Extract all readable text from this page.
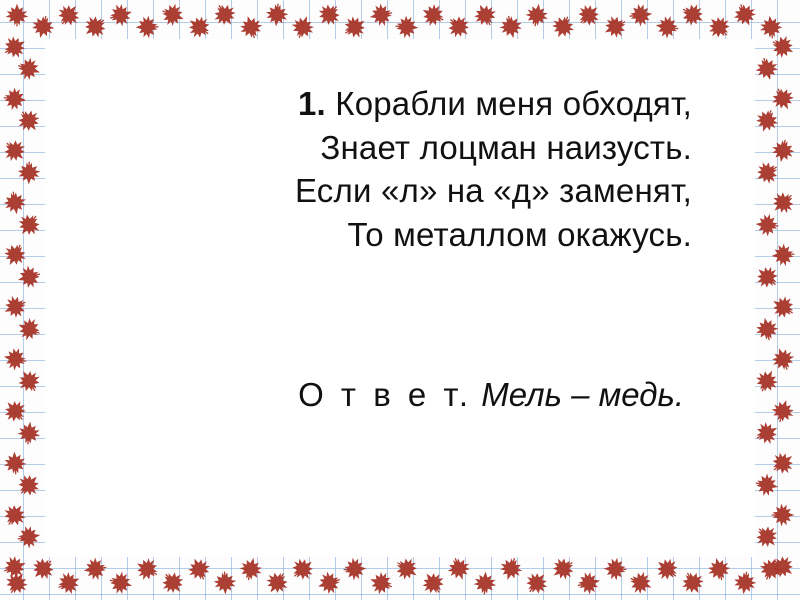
1. Корабли меня обходят,
Знает лоцман наизусть.
Если «л» на «д» заменят,
То металлом окажусь.
О т в е т. Мель – медь.
